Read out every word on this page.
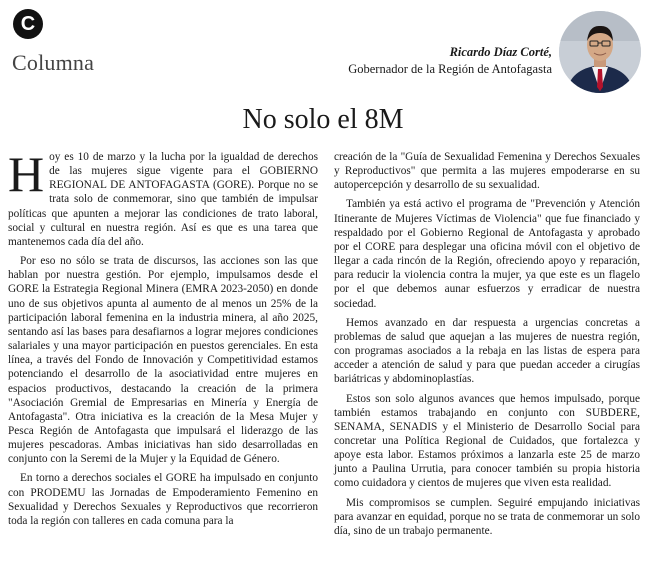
C
Columna	Ricardo Díaz Corté,
Gobernador de la Región de Antofagasta
No solo el 8M

Hoy es 10 de marzo y la lucha por la igualdad de derechos de las mujeres sigue vigente para el GOBIERNO REGIONAL DE ANTOFAGASTA (GORE). Porque no se trata solo de conmemorar, sino que también de impulsar políticas que apunten a mejorar las condiciones de trato laboral, social y cultural en nuestra región. Así es que es una tarea que mantenemos cada día del año.

Por eso no sólo se trata de discursos, las acciones son las que hablan por nuestra gestión. Por ejemplo, impulsamos desde el GORE la Estrategia Regional Minera (EMRA 2023-2050) en donde uno de sus objetivos apunta al aumento de al menos un 25% de la participación laboral femenina en la industria minera, al año 2025, sentando así las bases para desafiarnos a lograr mejores condiciones salariales y una mayor participación en puestos gerenciales. En esta línea, a través del Fondo de Innovación y Competitividad estamos potenciando el desarrollo de la asociatividad entre mujeres en espacios productivos, destacando la creación de la primera "Asociación Gremial de Empresarias en Minería y Energía de Antofagasta". Otra iniciativa es la creación de la Mesa Mujer y Pesca Región de Antofagasta que impulsará el liderazgo de las mujeres pescadoras. Ambas iniciativas han sido desarrolladas en conjunto con la Seremi de la Mujer y la Equidad de Género.

En torno a derechos sociales el GORE ha impulsado en conjunto con PRODEMU las Jornadas de Empoderamiento Femenino en Sexualidad y Derechos Sexuales y Reproductivos que recorrieron toda la región con talleres en cada comuna para la

creación de la "Guía de Sexualidad Femenina y Derechos Sexuales y Reproductivos" que permita a las mujeres empoderarse en su autopercepción y desarrollo de su sexualidad.

También ya está activo el programa de "Prevención y Atención Itinerante de Mujeres Víctimas de Violencia" que fue financiado y respaldado por el Gobierno Regional de Antofagasta y aprobado por el CORE para desplegar una oficina móvil con el objetivo de llegar a cada rincón de la Región, ofreciendo apoyo y reparación, para reducir la violencia contra la mujer, ya que este es un flagelo por el que debemos aunar esfuerzos y erradicar de nuestra sociedad.

Hemos avanzado en dar respuesta a urgencias concretas a problemas de salud que aquejan a las mujeres de nuestra región, con programas asociados a la rebaja en las listas de espera para acceder a atención de salud y para que puedan acceder a cirugías bariátricas y abdominoplastías.

Estos son solo algunos avances que hemos impulsado, porque también estamos trabajando en conjunto con SUBDERE, SENAMA, SENADIS y el Ministerio de Desarrollo Social para concretar una Política Regional de Cuidados, que fortalezca y apoye esta labor. Estamos próximos a lanzarla este 25 de marzo junto a Paulina Urrutia, para conocer también su propia historia como cuidadora y cientos de mujeres que viven esta realidad.

Mis compromisos se cumplen. Seguiré empujando iniciativas para avanzar en equidad, porque no se trata de conmemorar un solo día, sino de un trabajo permanente.
